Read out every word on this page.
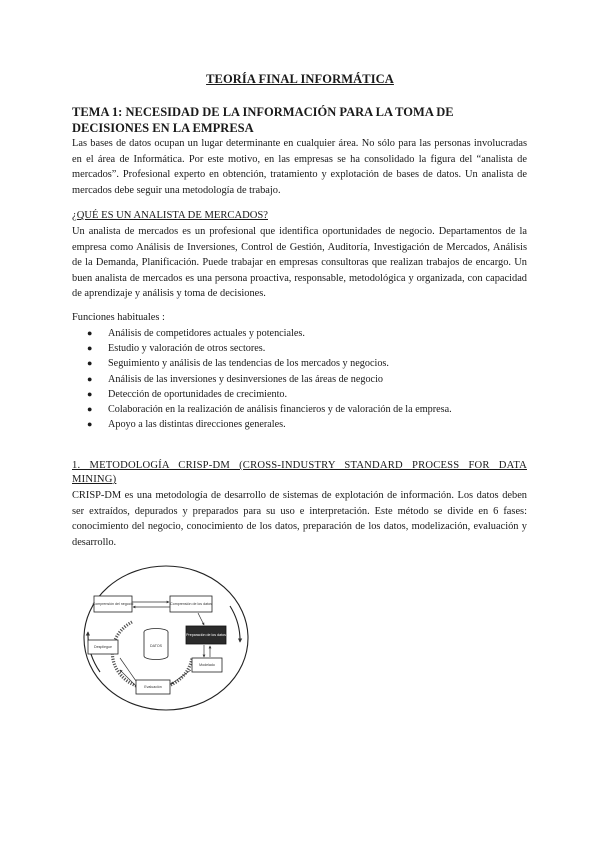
TEORÍA FINAL INFORMÁTICA
TEMA 1: NECESIDAD DE LA INFORMACIÓN PARA LA TOMA DE DECISIONES EN LA EMPRESA
Las bases de datos ocupan un lugar determinante en cualquier área. No sólo para las personas involucradas en el área de Informática. Por este motivo, en las empresas se ha consolidado la figura del “analista de mercados”. Profesional experto en obtención, tratamiento y explotación de bases de datos. Un analista de mercados debe seguir una metodología de trabajo.
¿QUÉ ES UN ANALISTA DE MERCADOS?
Un analista de mercados es un profesional que identifica oportunidades de negocio. Departamentos de la empresa como Análisis de Inversiones, Control de Gestión, Auditoría, Investigación de Mercados, Análisis de la Demanda, Planificación. Puede trabajar en empresas consultoras que realizan trabajos de encargo. Un buen analista de mercados es una persona proactiva, responsable, metodológica y organizada, con capacidad de aprendizaje y análisis y toma de decisiones.
Funciones habituales :
● Análisis de competidores actuales y potenciales.
● Estudio y valoración de otros sectores.
● Seguimiento y análisis de las tendencias de los mercados y negocios.
● Análisis de las inversiones y desinversiones de las áreas de negocio
● Detección de oportunidades de crecimiento.
● Colaboración en la realización de análisis financieros y de valoración de la empresa.
● Apoyo a las distintas direcciones generales.
1. METODOLOGÍA CRISP-DM (CROSS-INDUSTRY STANDARD PROCESS FOR DATA MINING)
CRISP-DM es una metodología de desarrollo de sistemas de explotación de información. Los datos deben ser extraídos, depurados y preparados para su uso e interpretación. Este método se divide en 6 fases: conocimiento del negocio, conocimiento de los datos, preparación de los datos, modelización, evaluación y desarrollo.
Comprensión del negocio	Comprensión de los datos
Preparación de los datos
DATOS
Despliegue
Modelado
Evaluación
